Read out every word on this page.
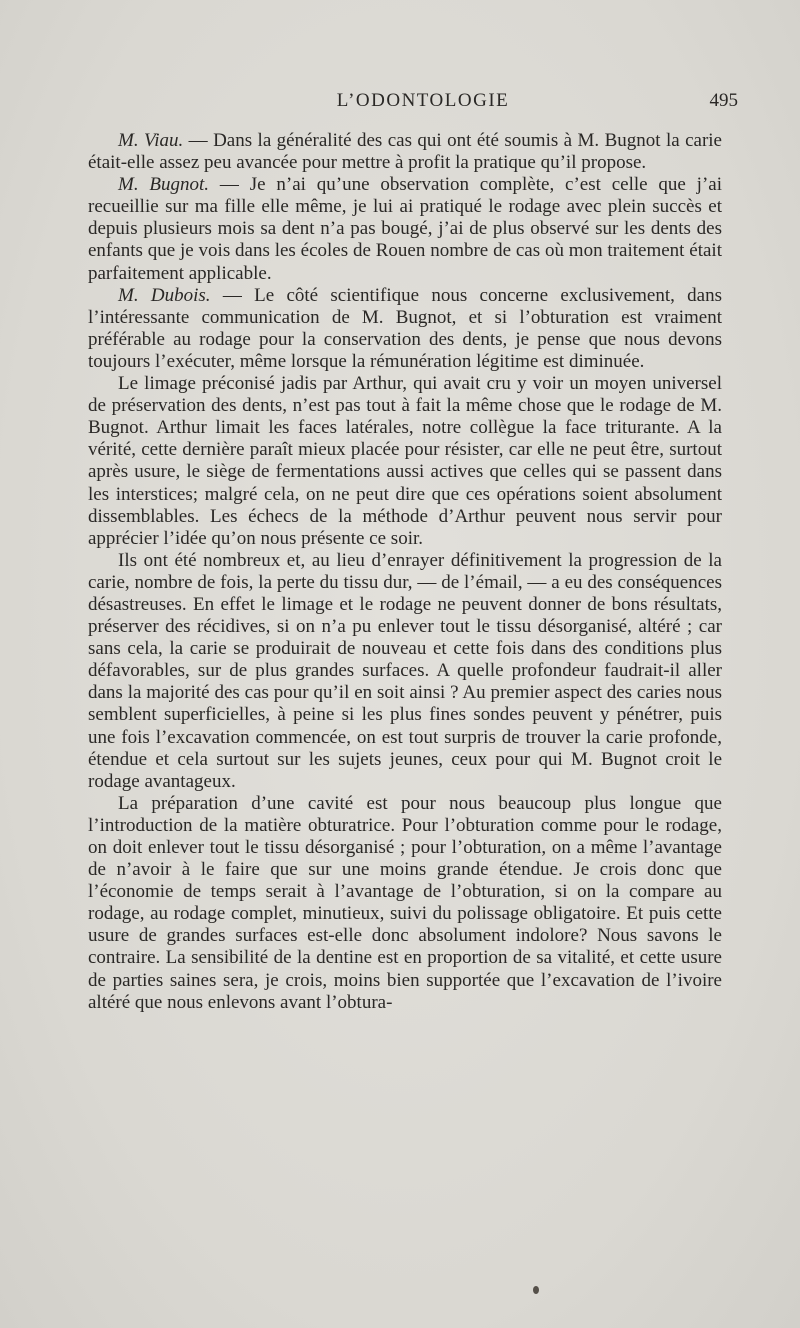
L’ODONTOLOGIE	495

M. Viau. — Dans la généralité des cas qui ont été soumis à M. Bugnot la carie était-elle assez peu avancée pour mettre à profit la pratique qu’il propose.

M. Bugnot. — Je n’ai qu’une observation complète, c’est celle que j’ai recueillie sur ma fille elle même, je lui ai pratiqué le rodage avec plein succès et depuis plusieurs mois sa dent n’a pas bougé, j’ai de plus observé sur les dents des enfants que je vois dans les écoles de Rouen nombre de cas où mon traitement était parfaitement applicable.

M. Dubois. — Le côté scientifique nous concerne exclusivement, dans l’intéressante communication de M. Bugnot, et si l’obturation est vraiment préférable au rodage pour la conservation des dents, je pense que nous devons toujours l’exécuter, même lorsque la rémunération légitime est diminuée.

Le limage préconisé jadis par Arthur, qui avait cru y voir un moyen universel de préservation des dents, n’est pas tout à fait la même chose que le rodage de M. Bugnot. Arthur limait les faces latérales, notre collègue la face triturante. A la vérité, cette dernière paraît mieux placée pour résister, car elle ne peut être, surtout après usure, le siège de fermentations aussi actives que celles qui se passent dans les interstices; malgré cela, on ne peut dire que ces opérations soient absolument dissemblables. Les échecs de la méthode d’Arthur peuvent nous servir pour apprécier l’idée qu’on nous présente ce soir.

Ils ont été nombreux et, au lieu d’enrayer définitivement la progression de la carie, nombre de fois, la perte du tissu dur, — de l’émail, — a eu des conséquences désastreuses. En effet le limage et le rodage ne peuvent donner de bons résultats, préserver des récidives, si on n’a pu enlever tout le tissu désorganisé, altéré ; car sans cela, la carie se produirait de nouveau et cette fois dans des conditions plus défavorables, sur de plus grandes surfaces. A quelle profondeur faudrait-il aller dans la majorité des cas pour qu’il en soit ainsi ? Au premier aspect des caries nous semblent superficielles, à peine si les plus fines sondes peuvent y pénétrer, puis une fois l’excavation commencée, on est tout surpris de trouver la carie profonde, étendue et cela surtout sur les sujets jeunes, ceux pour qui M. Bugnot croit le rodage avantageux.

La préparation d’une cavité est pour nous beaucoup plus longue que l’introduction de la matière obturatrice. Pour l’obturation comme pour le rodage, on doit enlever tout le tissu désorganisé ; pour l’obturation, on a même l’avantage de n’avoir à le faire que sur une moins grande étendue. Je crois donc que l’économie de temps serait à l’avantage de l’obturation, si on la compare au rodage, au rodage complet, minutieux, suivi du polissage obligatoire. Et puis cette usure de grandes surfaces est-elle donc absolument indolore? Nous savons le contraire. La sensibilité de la dentine est en proportion de sa vitalité, et cette usure de parties saines sera, je crois, moins bien supportée que l’excavation de l’ivoire altéré que nous enlevons avant l’obtura-
